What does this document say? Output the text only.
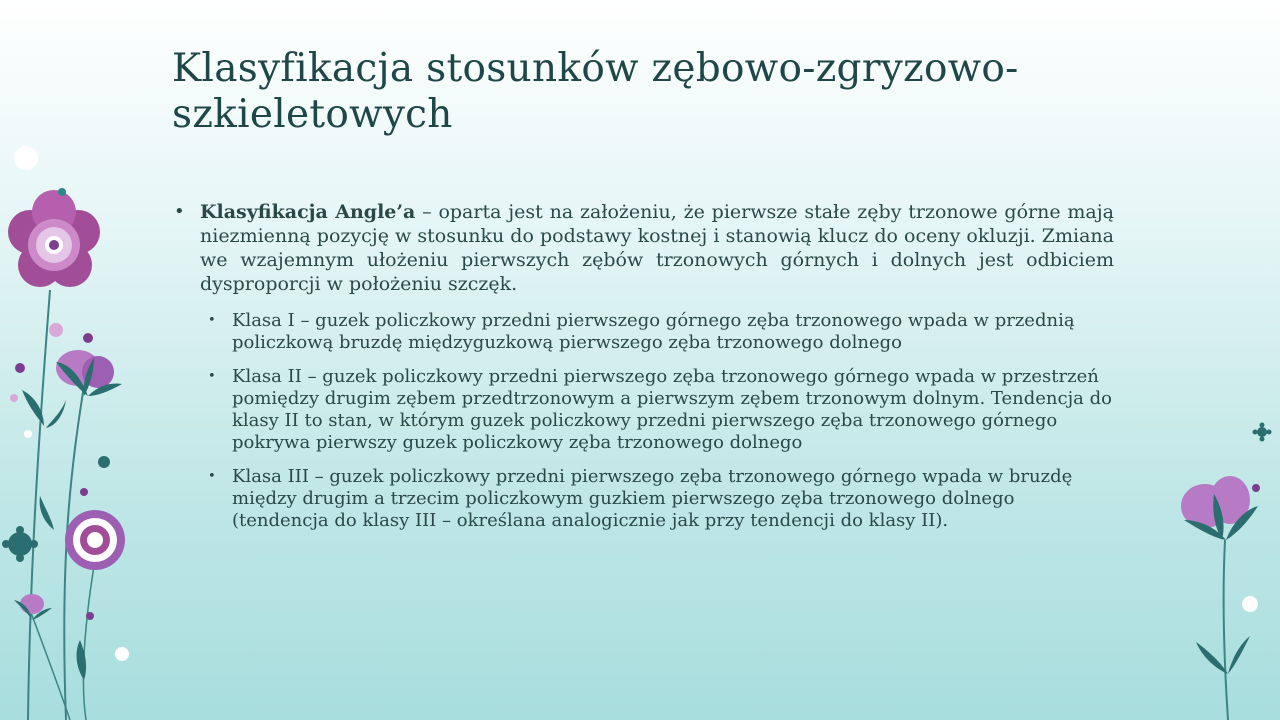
Klasyfikacja stosunków zębowo-zgryzowo-szkieletowych
• Klasyfikacja Angle’a – oparta jest na założeniu, że pierwsze stałe zęby trzonowe górne mają niezmienną pozycję w stosunku do podstawy kostnej i stanowią klucz do oceny okluzji. Zmiana we wzajemnym ułożeniu pierwszych zębów trzonowych górnych i dolnych jest odbiciem dysproporcji w położeniu szczęk.
• Klasa I – guzek policzkowy przedni pierwszego górnego zęba trzonowego wpada w przednią policzkową bruzdę międzyguzkową pierwszego zęba trzonowego dolnego
• Klasa II – guzek policzkowy przedni pierwszego zęba trzonowego górnego wpada w przestrzeń pomiędzy drugim zębem przedtrzonowym a pierwszym zębem trzonowym dolnym. Tendencja do klasy II to stan, w którym guzek policzkowy przedni pierwszego zęba trzonowego górnego pokrywa pierwszy guzek policzkowy zęba trzonowego dolnego
• Klasa III – guzek policzkowy przedni pierwszego zęba trzonowego górnego wpada w bruzdę między drugim a trzecim policzkowym guzkiem pierwszego zęba trzonowego dolnego (tendencja do klasy III – określana analogicznie jak przy tendencji do klasy II).
